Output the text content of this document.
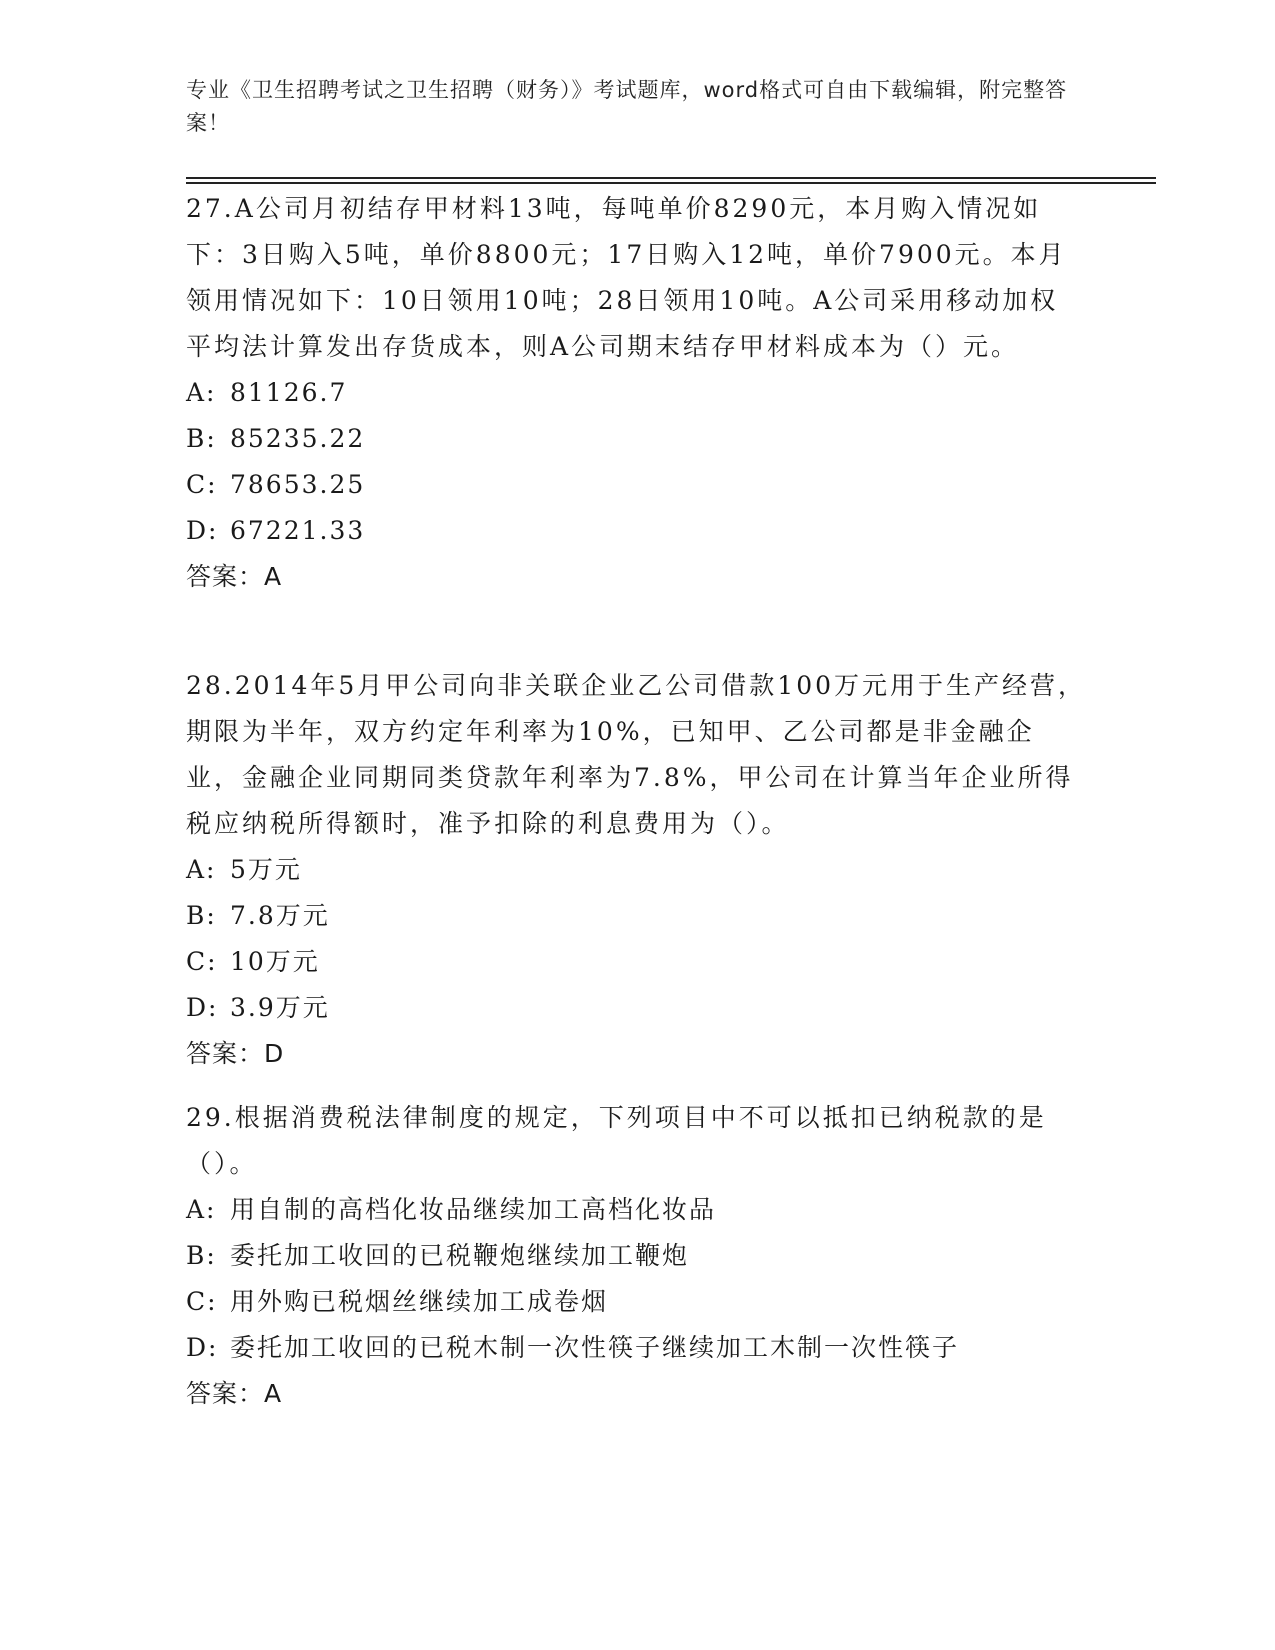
专业《卫生招聘考试之卫生招聘（财务）》考试题库，word格式可自由下载编辑，附完整答案！
27.A公司月初结存甲材料13吨，每吨单价8290元，本月购入情况如下：3日购入5吨，单价8800元；17日购入12吨，单价7900元。本月领用情况如下：10日领用10吨；28日领用10吨。A公司采用移动加权平均法计算发出存货成本，则A公司期末结存甲材料成本为（）元。
A: 81126.7
B: 85235.22
C: 78653.25
D: 67221.33
答案：A
28.2014年5月甲公司向非关联企业乙公司借款100万元用于生产经营，期限为半年，双方约定年利率为10%，已知甲、乙公司都是非金融企业，金融企业同期同类贷款年利率为7.8%，甲公司在计算当年企业所得税应纳税所得额时，准予扣除的利息费用为（）。
A: 5万元
B: 7.8万元
C: 10万元
D: 3.9万元
答案：D
29.根据消费税法律制度的规定，下列项目中不可以抵扣已纳税款的是（）。
A: 用自制的高档化妆品继续加工高档化妆品
B: 委托加工收回的已税鞭炮继续加工鞭炮
C: 用外购已税烟丝继续加工成卷烟
D: 委托加工收回的已税木制一次性筷子继续加工木制一次性筷子
答案：A
